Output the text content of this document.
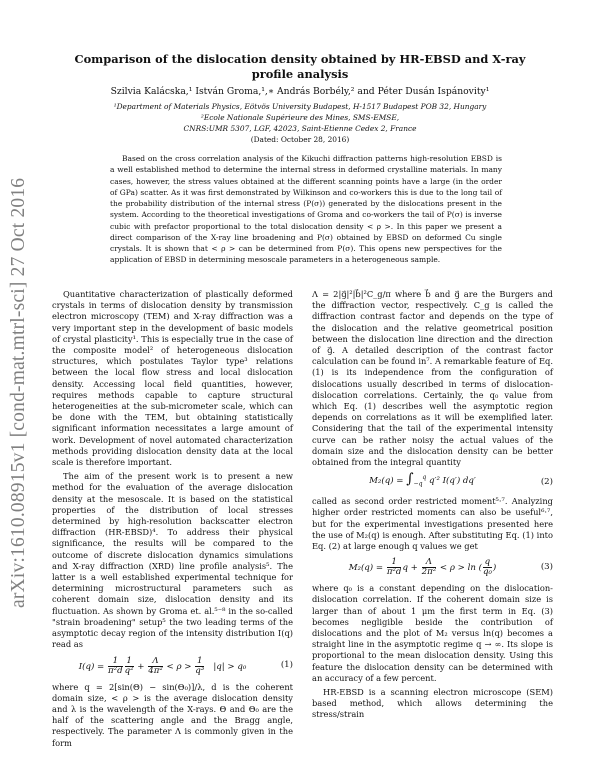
Comparison of the dislocation density obtained by HR-EBSD and X-ray profile analysis
Szilvia Kalácska,¹ István Groma,¹,∗ András Borbély,² and Péter Dusán Ispánovity¹
¹Department of Materials Physics, Eötvös University Budapest, H-1517 Budapest POB 32, Hungary
²Ecole Nationale Supérieure des Mines, SMS-EMSE,
CNRS:UMR 5307, LGF, 42023, Saint-Etienne Cedex 2, France
(Dated: October 28, 2016)
Based on the cross correlation analysis of the Kikuchi diffraction patterns high-resolution EBSD is a well established method to determine the internal stress in deformed crystalline materials. In many cases, however, the stress values obtained at the different scanning points have a large (in the order of GPa) scatter. As it was first demonstrated by Wilkinson and co-workers this is due to the long tail of the probability distribution of the internal stress (P(σ)) generated by the dislocations present in the system. According to the theoretical investigations of Groma and co-workers the tail of P(σ) is inverse cubic with prefactor proportional to the total dislocation density < ρ >. In this paper we present a direct comparison of the X-ray line broadening and P(σ) obtained by EBSD on deformed Cu single crystals. It is shown that < ρ > can be determined from P(σ). This opens new perspectives for the application of EBSD in determining mesoscale parameters in a heterogeneous sample.
arXiv:1610.08915v1 [cond-mat.mtrl-sci] 27 Oct 2016	Quantitative characterization of plastically deformed crystals in terms of dislocation density by transmission electron microscopy (TEM) and X-ray diffraction was a very important step in the development of basic models of crystal plasticity¹. This is especially true in the case of the composite model² of heterogeneous dislocation structures, which postulates Taylor type³ relations between the local flow stress and local dislocation density. Accessing local field quantities, however, requires methods capable to capture structural heterogeneities at the sub-micrometer scale, which can be done with the TEM, but obtaining statistically significant information necessitates a large amount of work. Development of novel automated characterization methods providing dislocation density data at the local scale is therefore important.

The aim of the present work is to present a new method for the evaluation of the average dislocation density at the mesoscale. It is based on the statistical properties of the distribution of local stresses determined by high-resolution backscatter electron diffraction (HR-EBSD)⁴. To address their physical significance, the results will be compared to the outcome of discrete dislocation dynamics simulations and X-ray diffraction (XRD) line profile analysis⁵. The latter is a well established experimental technique for determining microstructural parameters such as coherent domain size, dislocation density and its fluctuation. As shown by Groma et. al.⁵⁻⁸ in the so-called "strain broadening" setup⁵ the two leading terms of the asymptotic decay region of the intensity distribution I(q) read as

$I(q) = \frac{1}{\text{π²d}} \frac{1}{\text{q²}} + \frac{\Lambda}{\text{4π²}} < \rho > \frac{1}{\text{q³}} |q| > q_0$	(1)

where q = 2[sin(Θ) − sin(Θ₀)]/λ, d is the coherent domain size, < ρ > is the average dislocation density and λ is the wavelength of the X-rays. Θ and Θ₀ are the half of the scattering angle and the Bragg angle, respectively. The parameter Λ is commonly given in the form

Λ = 2|g⃗|²|b⃗|²C_g/π where b⃗ and g⃗ are the Burgers and the diffraction vector, respectively. C_g is called the diffraction contrast factor and depends on the type of the dislocation and the relative geometrical position between the dislocation line direction and the direction of g⃗. A detailed description of the contrast factor calculation can be found in⁷. A remarkable feature of Eq. (1) is its independence from the configuration of dislocations usually described in terms of dislocation-dislocation correlations. Certainly, the q₀ value from which Eq. (1) describes well the asymptotic region depends on correlations as it will be exemplified later. Considering that the tail of the experimental intensity curve can be rather noisy the actual values of the domain size and the dislocation density can be better obtained from the integral quantity

$M_2(q) = \int_{-q}^q$ q′² I(q′) dq′	(2)

called as second order restricted moment⁵·⁷. Analyzing higher order restricted moments can also be useful⁶·⁷, but for the experimental investigations presented here the use of M₂(q) is enough. After substituting Eq. (1) into Eq. (2) at large enough q values we get

$M_2(q) = \frac{1}{\text{π²d}}$ $q + \frac{\Lambda}{\text{2π²}} < \rho > \ln$ ( $\frac{q}{\text{q₀}}$ )	(3)

where q₀ is a constant depending on the dislocation-dislocation correlation. If the coherent domain size is larger than of about 1 μm the first term in Eq. (3) becomes negligible beside the contribution of dislocations and the plot of M₂ versus ln(q) becomes a straight line in the asymptotic regime q → ∞. Its slope is proportional to the mean dislocation density. Using this feature the dislocation density can be determined with an accuracy of a few percent.

HR-EBSD is a scanning electron microscope (SEM) based method, which allows determining the stress/strain
